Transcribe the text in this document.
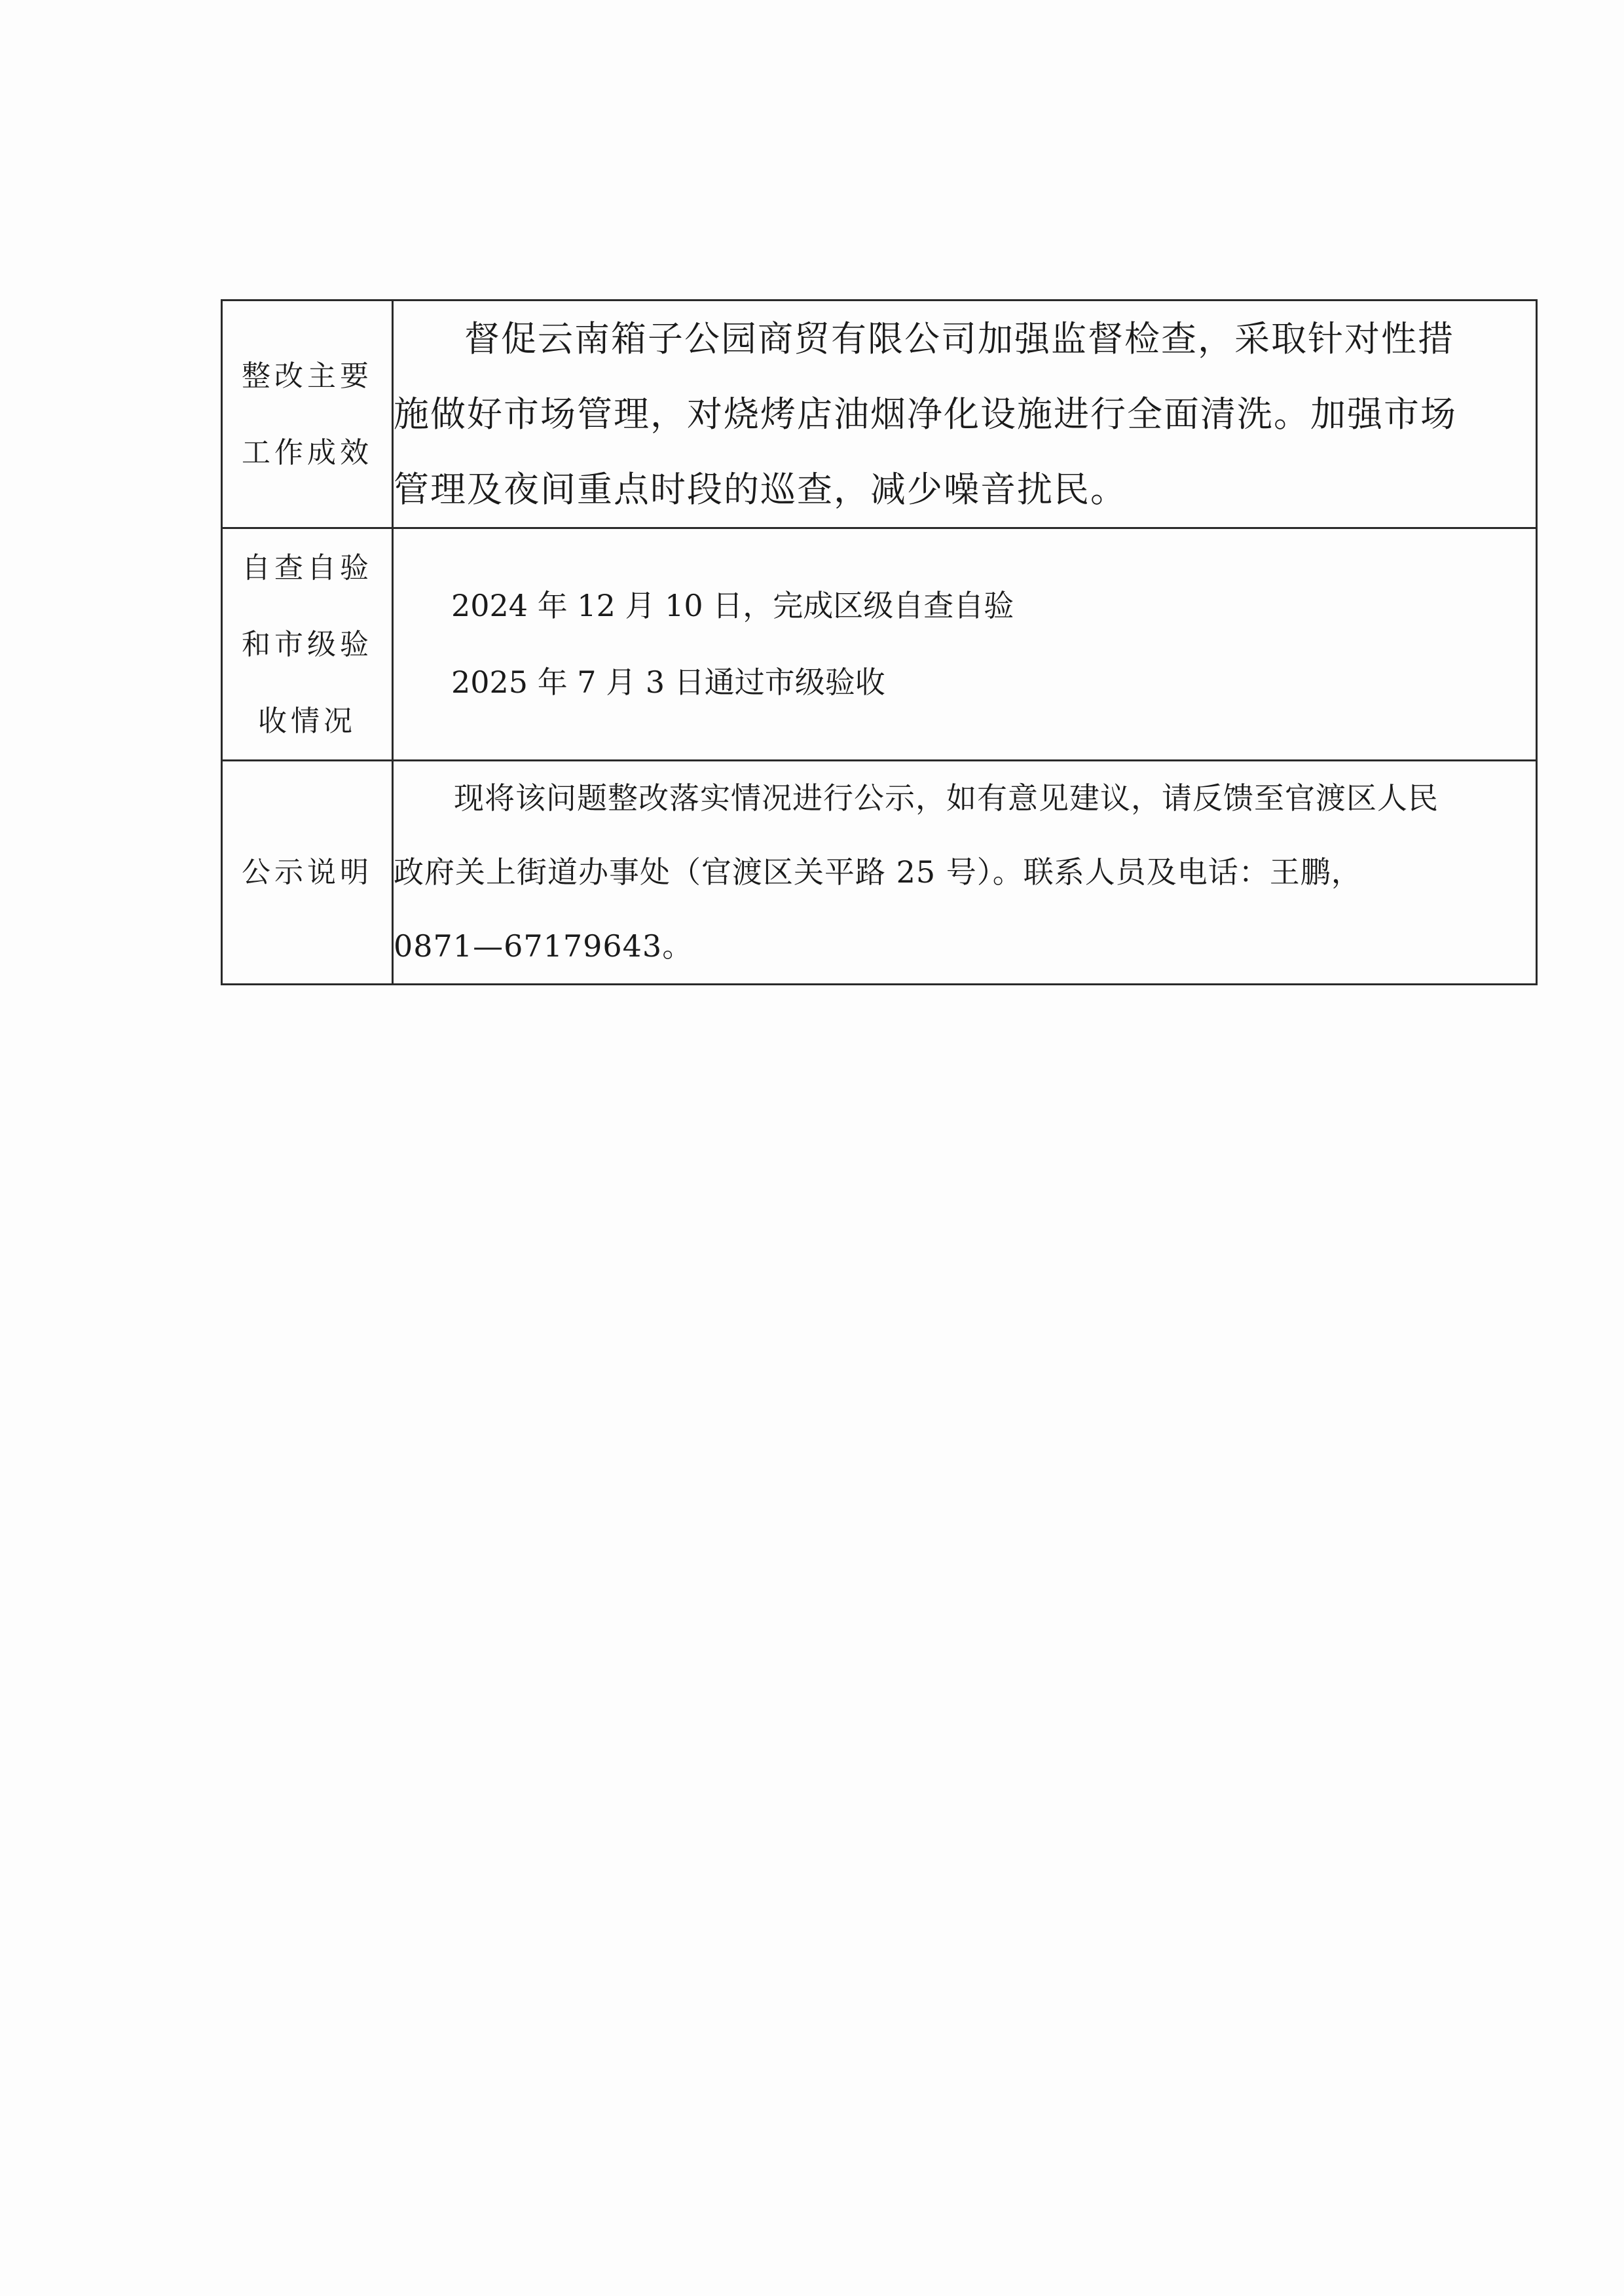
整改主要
工作成效	督促云南箱子公园商贸有限公司加强监督检查，采取针对性措
施做好市场管理，对烧烤店油烟净化设施进行全面清洗。加强市场
管理及夜间重点时段的巡查，减少噪音扰民。

自查自验
和市级验
收情况	2024 年 12 月 10 日，完成区级自查自验
2025 年 7 月 3 日通过市级验收

公示说明	现将该问题整改落实情况进行公示，如有意见建议，请反馈至官渡区人民
政府关上街道办事处（官渡区关平路 25 号）。联系人员及电话：王鹏，
0871—67179643。
